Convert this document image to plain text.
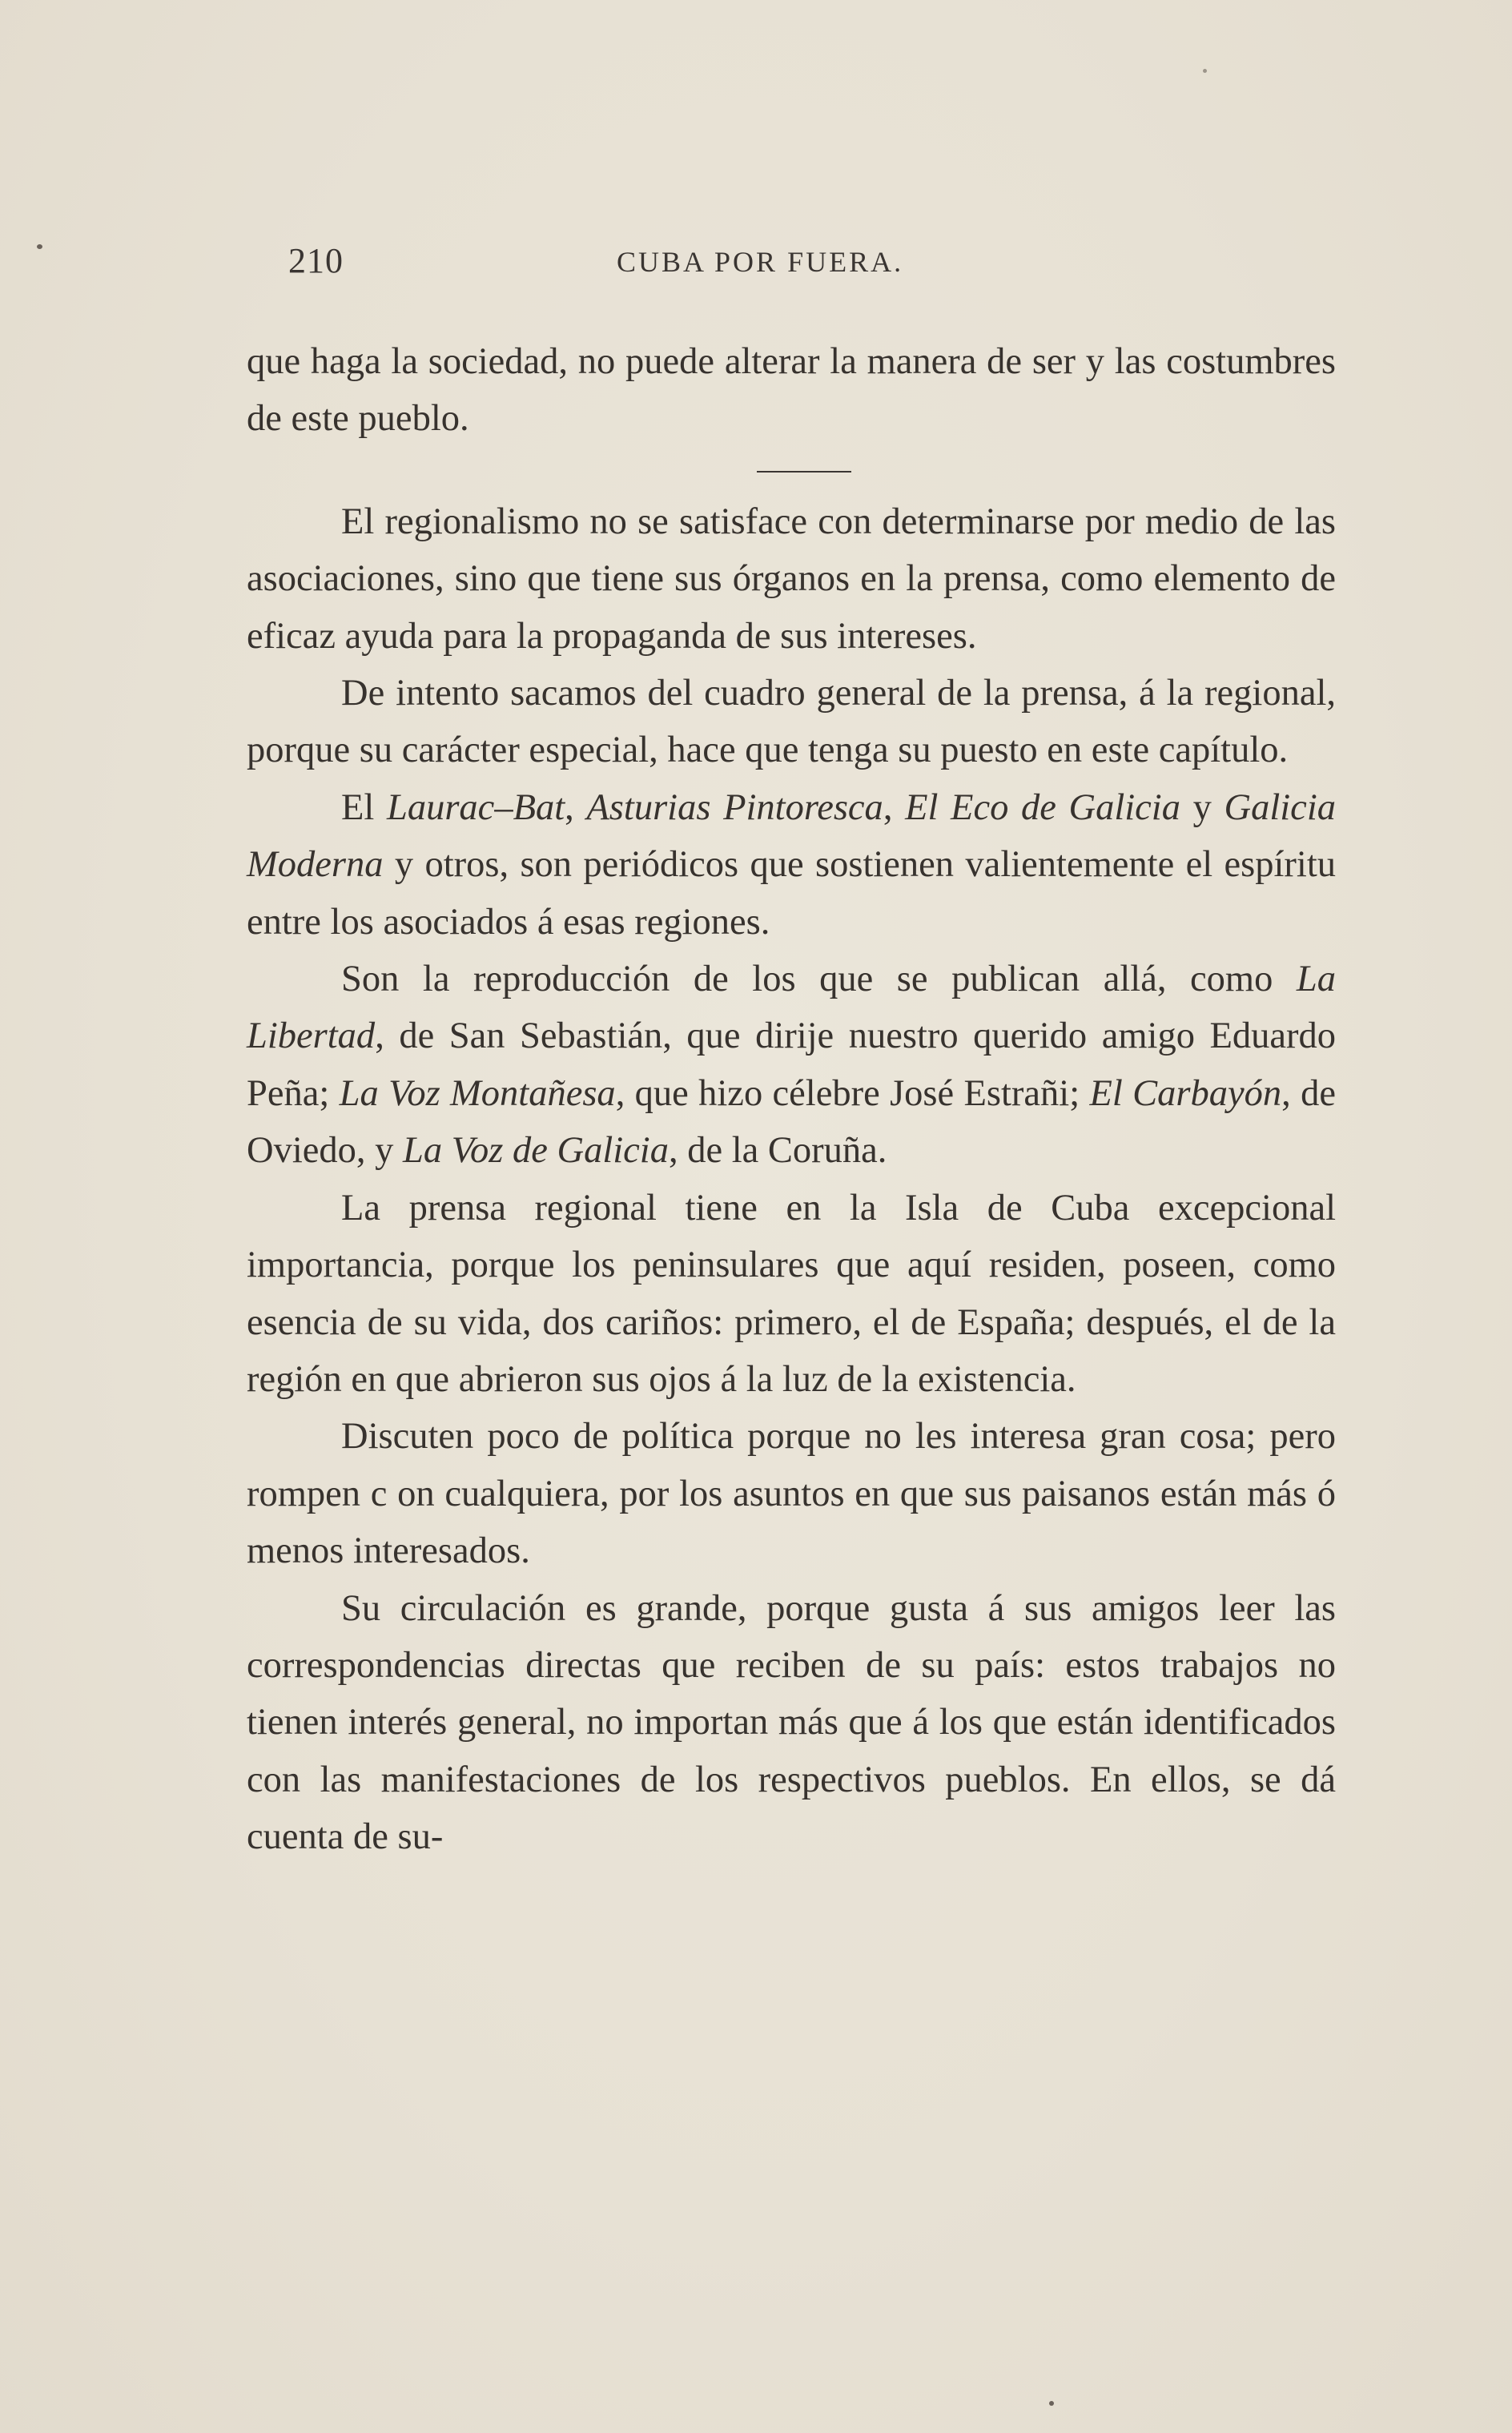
210	CUBA POR FUERA.

que haga la sociedad, no puede alterar la manera de ser y las costumbres de este pueblo.

El regionalismo no se satisface con determinarse por medio de las asociaciones, sino que tiene sus órganos en la prensa, como elemento de eficaz ayuda para la propaganda de sus intereses.

De intento sacamos del cuadro general de la prensa, á la regional, porque su carácter especial, hace que tenga su puesto en este capítulo.

El Laurac–Bat, Asturias Pintoresca, El Eco de Galicia y Galicia Moderna y otros, son periódicos que sostienen valientemente el espíritu entre los asociados á esas regiones.

Son la reproducción de los que se publican allá, como La Libertad, de San Sebastián, que dirije nuestro querido amigo Eduardo Peña; La Voz Montañesa, que hizo célebre José Estrañi; El Carbayón, de Oviedo, y La Voz de Galicia, de la Coruña.

La prensa regional tiene en la Isla de Cuba excepcional importancia, porque los peninsulares que aquí residen, poseen, como esencia de su vida, dos cariños: primero, el de España; después, el de la región en que abrieron sus ojos á la luz de la existencia.

Discuten poco de política porque no les interesa gran cosa; pero rompen c on cualquiera, por los asuntos en que sus paisanos están más ó menos interesados.

Su circulación es grande, porque gusta á sus amigos leer las correspondencias directas que reciben de su país: estos trabajos no tienen interés general, no importan más que á los que están identificados con las manifestaciones de los respectivos pueblos. En ellos, se dá cuenta de su-
